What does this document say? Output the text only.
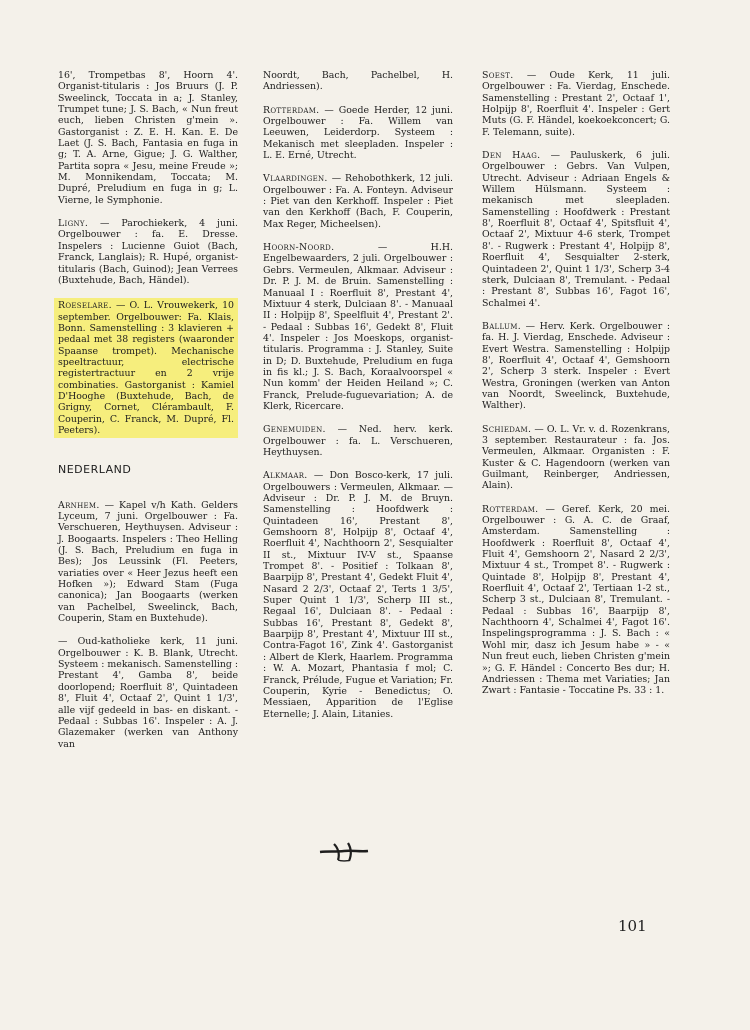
16', Trompetbas 8', Hoorn 4'. Organist-titularis : Jos Bruurs (J. P. Sweelinck, Toccata in a; J. Stanley, Trumpet tune; J. S. Bach, « Nun freut euch, lieben Christen g'mein ». Gastorganist : Z. E. H. Kan. E. De Laet (J. S. Bach, Fantasia en fuga in g; T. A. Arne, Gigue; J. G. Walther, Partita sopra « Jesu, meine Freude »; M. Monnikendam, Toccata; M. Dupré, Preludium en fuga in g; L. Vierne, le Symphonie.

Ligny. — Parochiekerk, 4 juni. Orgelbouwer : fa. E. Dresse. Inspelers : Lucienne Guiot (Bach, Franck, Langlais); R. Hupé, organist-titularis (Bach, Guinod); Jean Verrees (Buxtehude, Bach, Händel).

Roeselare. — O. L. Vrouwekerk, 10 september. Orgelbouwer: Fa. Klais, Bonn. Samenstelling : 3 klavieren + pedaal met 38 registers (waaronder Spaanse trompet). Mechanische speeltractuur, electrische registertractuur en 2 vrije combinaties. Gastorganist : Kamiel D'Hooghe (Buxtehude, Bach, de Grigny, Cornet, Clérambault, F. Couperin, C. Franck, M. Dupré, Fl. Peeters).

NEDERLAND

Arnhem. — Kapel v/h Kath. Gelders Lyceum, 7 juni. Orgelbouwer : Fa. Verschueren, Heythuysen. Adviseur : J. Boogaarts. Inspelers : Theo Helling (J. S. Bach, Preludium en fuga in Bes); Jos Leussink (Fl. Peeters, variaties over « Heer Jezus heeft een Hofken »); Edward Stam (Fuga canonica); Jan Boogaarts (werken van Pachelbel, Sweelinck, Bach, Couperin, Stam en Buxtehude).

— Oud-katholieke kerk, 11 juni. Orgelbouwer : K. B. Blank, Utrecht. Systeem : mekanisch. Samenstelling : Prestant 4', Gamba 8', beide doorlopend; Roerfluit 8', Quintadeen 8', Fluit 4', Octaaf 2', Quint 1 1/3', alle vijf gedeeld in bas- en diskant. - Pedaal : Subbas 16'. Inspeler : A. J. Glazemaker (werken van Anthony van

Noordt, Bach, Pachelbel, H. Andriessen).

Rotterdam. — Goede Herder, 12 juni. Orgelbouwer : Fa. Willem van Leeuwen, Leiderdorp. Systeem : Mekanisch met sleepladen. Inspeler : L. E. Erné, Utrecht.

Vlaardingen. — Rehobothkerk, 12 juli. Orgelbouwer : Fa. A. Fonteyn. Adviseur : Piet van den Kerkhoff. Inspeler : Piet van den Kerkhoff (Bach, F. Couperin, Max Reger, Micheelsen).

Hoorn-Noord. — H.H. Engelbewaarders, 2 juli. Orgelbouwer : Gebrs. Vermeulen, Alkmaar. Adviseur : Dr. P. J. M. de Bruin. Samenstelling : Manuaal I : Roerfluit 8', Prestant 4', Mixtuur 4 sterk, Dulciaan 8'. - Manuaal II : Holpijp 8', Speelfluit 4', Prestant 2'. - Pedaal : Subbas 16', Gedekt 8', Fluit 4'. Inspeler : Jos Moeskops, organist-titularis. Programma : J. Stanley, Suite in D; D. Buxtehude, Preludium en fuga in fis kl.; J. S. Bach, Koraalvoorspel « Nun komm' der Heiden Heiland »; C. Franck, Prelude-fuguevariation; A. de Klerk, Ricercare.

Genemuiden. — Ned. herv. kerk. Orgelbouwer : fa. L. Verschueren, Heythuysen.

Alkmaar. — Don Bosco-kerk, 17 juli. Orgelbouwers : Vermeulen, Alkmaar. — Adviseur : Dr. P. J. M. de Bruyn. Samenstelling : Hoofdwerk : Quintadeen 16', Prestant 8', Gemshoorn 8', Holpijp 8', Octaaf 4', Roerfluit 4', Nachthoorn 2', Sesquialter II st., Mixtuur IV-V st., Spaanse Trompet 8'. - Positief : Tolkaan 8', Baarpijp 8', Prestant 4', Gedekt Fluit 4', Nasard 2 2/3', Octaaf 2', Terts 1 3/5', Super Quint 1 1/3', Scherp III st., Regaal 16', Dulciaan 8'. - Pedaal : Subbas 16', Prestant 8', Gedekt 8', Baarpijp 8', Prestant 4', Mixtuur III st., Contra-Fagot 16', Zink 4'. Gastorganist : Albert de Klerk, Haarlem. Programma : W. A. Mozart, Phantasia f mol; C. Franck, Prélude, Fugue et Variation; Fr. Couperin, Kyrie - Benedictus; O. Messiaen, Apparition de l'Eglise Eternelle; J. Alain, Litanies.

Soest. — Oude Kerk, 11 juli. Orgelbouwer : Fa. Vierdag, Enschede. Samenstelling : Prestant 2', Octaaf 1', Holpijp 8', Roerfluit 4'. Inspeler : Gert Muts (G. F. Händel, koekoekconcert; G. F. Telemann, suite).

Den Haag. — Pauluskerk, 6 juli. Orgelbouwer : Gebrs. Van Vulpen, Utrecht. Adviseur : Adriaan Engels & Willem Hülsmann. Systeem : mekanisch met sleepladen. Samenstelling : Hoofdwerk : Prestant 8', Roerfluit 8', Octaaf 4', Spitsfluit 4', Octaaf 2', Mixtuur 4-6 sterk, Trompet 8'. - Rugwerk : Prestant 4', Holpijp 8', Roerfluit 4', Sesquialter 2-sterk, Quintadeen 2', Quint 1 1/3', Scherp 3-4 sterk, Dulciaan 8', Tremulant. - Pedaal : Prestant 8', Subbas 16', Fagot 16', Schalmei 4'.

Ballum. — Herv. Kerk. Orgelbouwer : fa. H. J. Vierdag, Enschede. Adviseur : Evert Westra. Samenstelling : Holpijp 8', Roerfluit 4', Octaaf 4', Gemshoorn 2', Scherp 3 sterk. Inspeler : Evert Westra, Groningen (werken van Anton van Noordt, Sweelinck, Buxtehude, Walther).

Schiedam. — O. L. Vr. v. d. Rozenkrans, 3 september. Restaurateur : fa. Jos. Vermeulen, Alkmaar. Organisten : F. Kuster & C. Hagendoorn (werken van Guilmant, Reinberger, Andriessen, Alain).

Rotterdam. — Geref. Kerk, 20 mei. Orgelbouwer : G. A. C. de Graaf, Amsterdam. Samenstelling : Hoofdwerk : Roerfluit 8', Octaaf 4', Fluit 4', Gemshoorn 2', Nasard 2 2/3', Mixtuur 4 st., Trompet 8'. - Rugwerk : Quintade 8', Holpijp 8', Prestant 4', Roerfluit 4', Octaaf 2', Tertiaan 1-2 st., Scherp 3 st., Dulciaan 8', Tremulant. - Pedaal : Subbas 16', Baarpijp 8', Nachthoorn 4', Schalmei 4', Fagot 16'. Inspelingsprogramma : J. S. Bach : « Wohl mir, dasz ich Jesum habe » - « Nun freut euch, lieben Christen g'mein »; G. F. Händel : Concerto Bes dur; H. Andriessen : Thema met Variaties; Jan Zwart : Fantasie - Toccatine Ps. 33 : 1.

101
